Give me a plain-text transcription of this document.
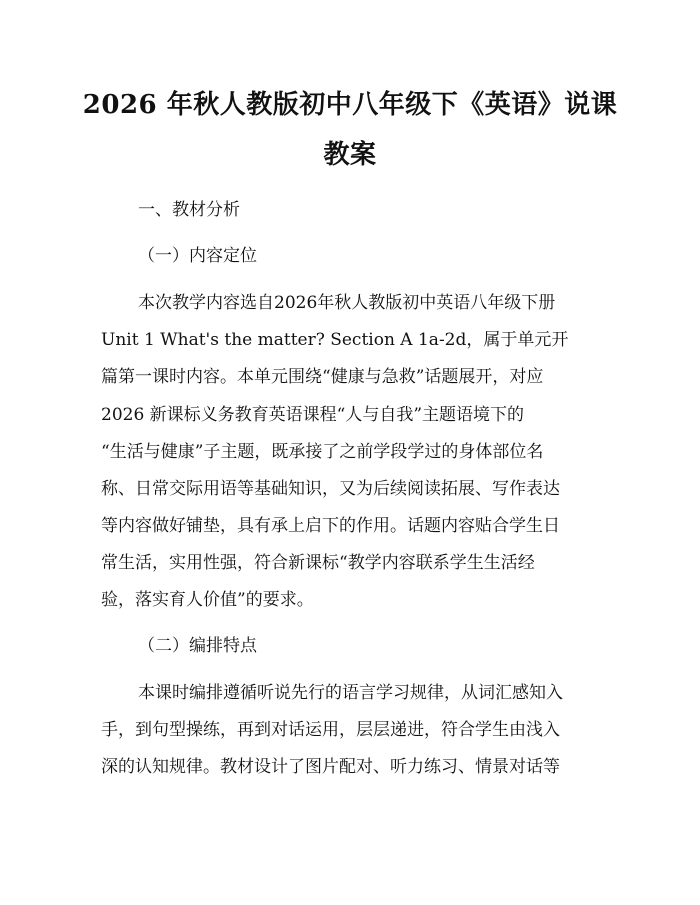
2026 年秋人教版初中八年级下《英语》说课
教案

一、教材分析

（一）内容定位

本次教学内容选自2026年秋人教版初中英语八年级下册

Unit 1 What's the matter? Section A 1a-2d，属于单元开

篇第一课时内容。本单元围绕“健康与急救”话题展开，对应

2026 新课标义务教育英语课程“人与自我”主题语境下的

“生活与健康”子主题，既承接了之前学段学过的身体部位名

称、日常交际用语等基础知识，又为后续阅读拓展、写作表达

等内容做好铺垫，具有承上启下的作用。话题内容贴合学生日

常生活，实用性强，符合新课标“教学内容联系学生生活经

验，落实育人价值”的要求。

（二）编排特点

本课时编排遵循听说先行的语言学习规律，从词汇感知入

手，到句型操练，再到对话运用，层层递进，符合学生由浅入

深的认知规律。教材设计了图片配对、听力练习、情景对话等
